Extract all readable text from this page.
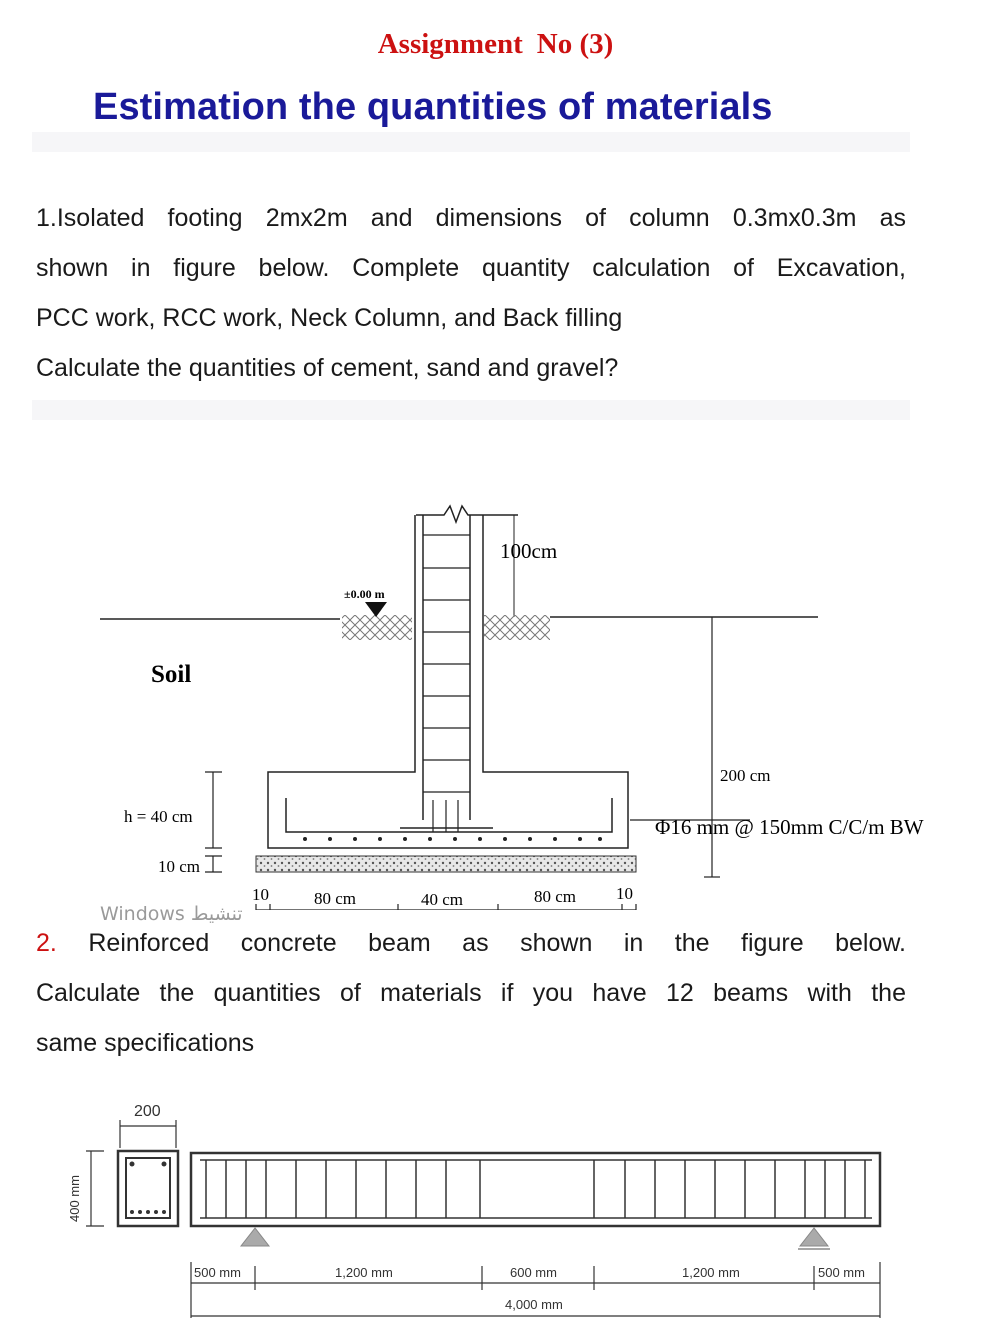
Assignment No (3)
Estimation the quantities of materials

1.Isolated footing 2mx2m and dimensions of column 0.3mx0.3m as

shown in figure below. Complete quantity calculation of Excavation,

PCC work, RCC work, Neck Column, and Back filling

Calculate the quantities of cement, sand and gravel?

±0.00 m
100cm
Soil
h = 40 cm
10 cm
200 cm
Φ16 mm @ 150mm C/C/m BW
10	80 cm	40 cm	80 cm 10
Windows تنشيط

2. Reinforced concrete beam as shown in the figure below.

Calculate the quantities of materials if you have 12 beams with the

same specifications

200
400 mm
500 mm	1,200 mm	600 mm	1,200 mm	500 mm
4,000 mm
